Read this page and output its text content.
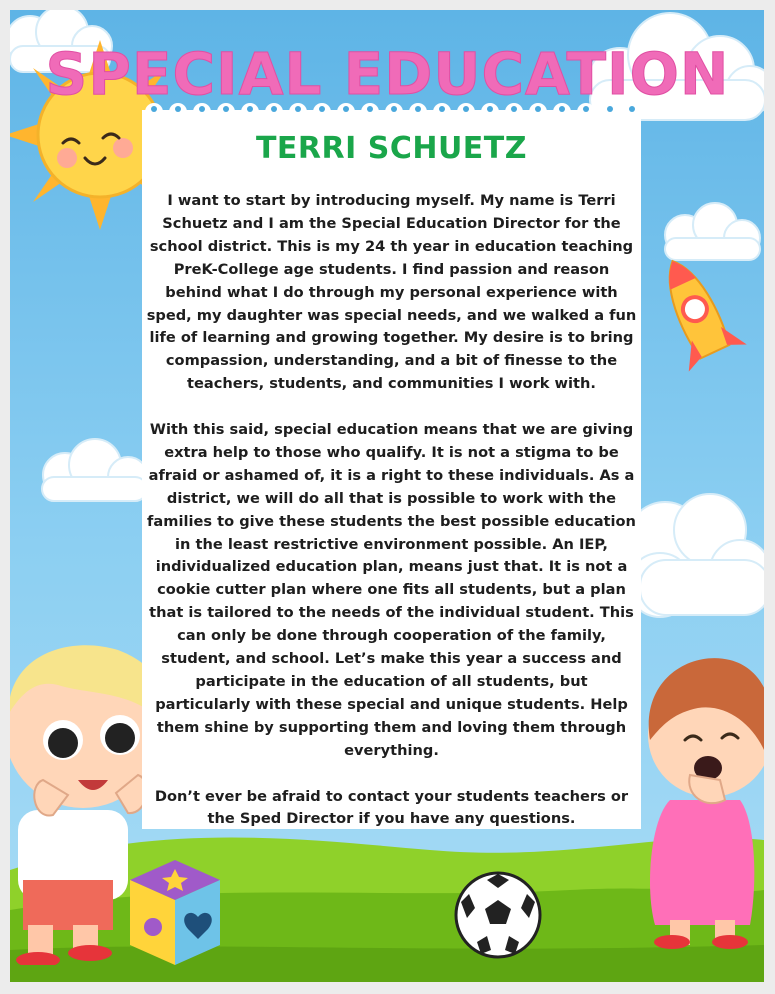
SPECIAL EDUCATION
TERRI SCHUETZ

I want to start by introducing myself. My name is Terri Schuetz and I am the Special Education Director for the school district. This is my 24 th year in education teaching PreK-College age students. I find passion and reason behind what I do through my personal experience with sped, my daughter was special needs, and we walked a fun life of learning and growing together. My desire is to bring compassion, understanding, and a bit of finesse to the teachers, students, and communities I work with.

With this said, special education means that we are giving extra help to those who qualify. It is not a stigma to be afraid or ashamed of, it is a right to these individuals. As a district, we will do all that is possible to work with the families to give these students the best possible education in the least restrictive environment possible. An IEP, individualized education plan, means just that. It is not a cookie cutter plan where one fits all students, but a plan that is tailored to the needs of the individual student. This can only be done through cooperation of the family, student, and school. Let’s make this year a success and participate in the education of all students, but particularly with these special and unique students. Help them shine by supporting them and loving them through everything.

Don’t ever be afraid to contact your students teachers or the Sped Director if you have any questions.
